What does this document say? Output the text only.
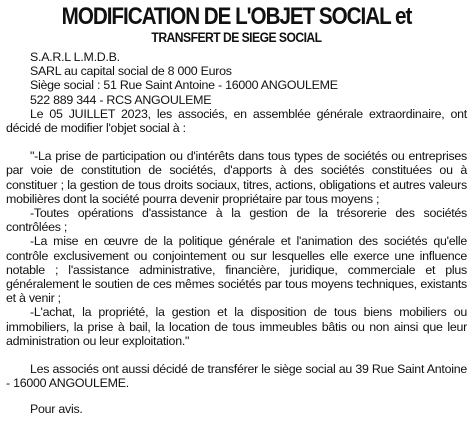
MODIFICATION DE L'OBJET SOCIAL et
TRANSFERT DE SIEGE SOCIAL

S.A.R.L L.M.D.B.

SARL au capital social de 8 000 Euros

Siège social : 51 Rue Saint Antoine - 16000 ANGOULEME

522 889 344 - RCS ANGOULEME

Le 05 JUILLET 2023, les associés, en assemblée générale extraordinaire, ont décidé de modifier l'objet social à :

"-La prise de participation ou d'intérêts dans tous types de sociétés ou entreprises par voie de constitution de sociétés, d'apports à des sociétés constituées ou à constituer ; la gestion de tous droits sociaux, titres, actions, obligations et autres valeurs mobilières dont la société pourra devenir propriétaire par tous moyens ;

-Toutes opérations d'assistance à la gestion de la trésorerie des sociétés contrôlées ;

-La mise en œuvre de la politique générale et l'animation des sociétés qu'elle contrôle exclusivement ou conjointement ou sur lesquelles elle exerce une influence notable ; l'assistance administrative, financière, juridique, commerciale et plus généralement le soutien de ces mêmes sociétés par tous moyens techniques, existants et à venir ;

-L'achat, la propriété, la gestion et la disposition de tous biens mobiliers ou immobiliers, la prise à bail, la location de tous immeubles bâtis ou non ainsi que leur administration ou leur exploitation."

Les associés ont aussi décidé de transférer le siège social au 39 Rue Saint Antoine - 16000 ANGOULEME.

Pour avis.
